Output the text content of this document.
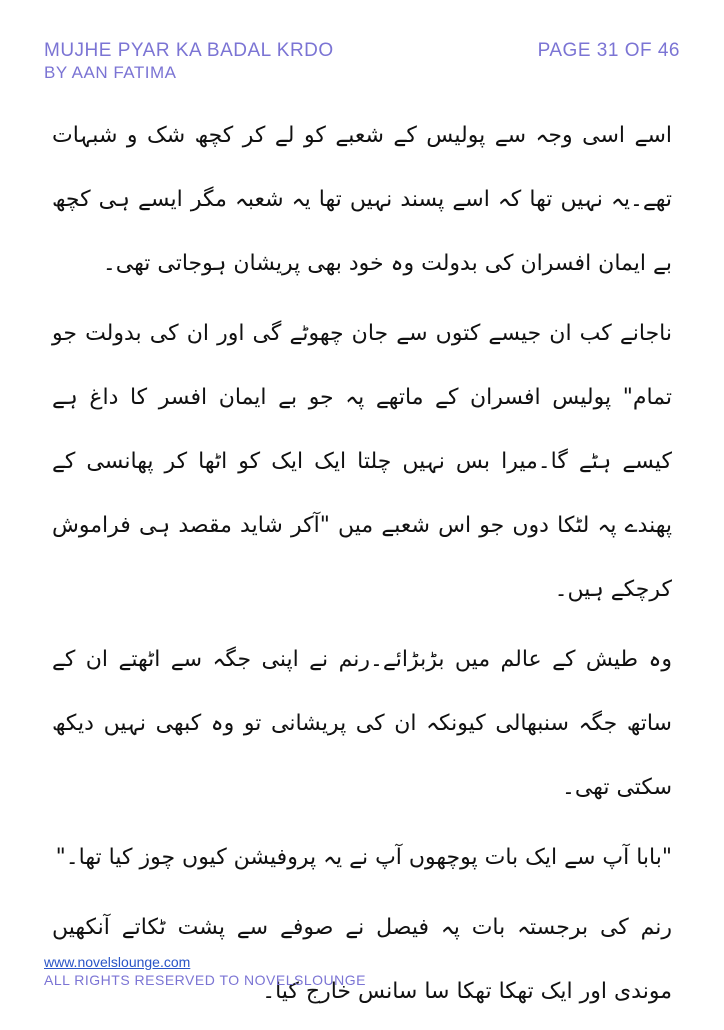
MUJHE PYAR KA BADAL KRDO
BY AAN FATIMA
PAGE 31 OF 46

اسے اسی وجہ سے پولیس کے شعبے کو لے کر کچھ شک و شبہات تھے۔یہ نہیں تھا کہ اسے پسند نہیں تھا یہ شعبہ مگر ایسے ہی کچھ بے ایمان افسران کی بدولت وہ خود بھی پریشان ہوجاتی تھی۔

ناجانے کب ان جیسے کتوں سے جان چھوٹے گی اور ان کی بدولت جو تمام" پولیس افسران کے ماتھے پہ جو بے ایمان افسر کا داغ ہے کیسے ہٹے گا۔میرا بس نہیں چلتا ایک ایک کو اٹھا کر پھانسی کے پھندے پہ لٹکا دوں جو اس شعبے میں "آکر شاید مقصد ہی فراموش کرچکے ہیں۔

وہ طیش کے عالم میں بڑبڑائے۔رنم نے اپنی جگہ سے اٹھتے ان کے ساتھ جگہ سنبھالی کیونکہ ان کی پریشانی تو وہ کبھی نہیں دیکھ سکتی تھی۔

"بابا آپ سے ایک بات پوچھوں آپ نے یہ پروفیشن کیوں چوز کیا تھا۔"

رنم کی برجستہ بات پہ فیصل نے صوفے سے پشت ٹکاتے آنکھیں موندی اور ایک تھکا تھکا سا سانس خارج کیا۔

www.novelslounge.com
ALL RIGHTS RESERVED TO NOVELSLOUNGE
